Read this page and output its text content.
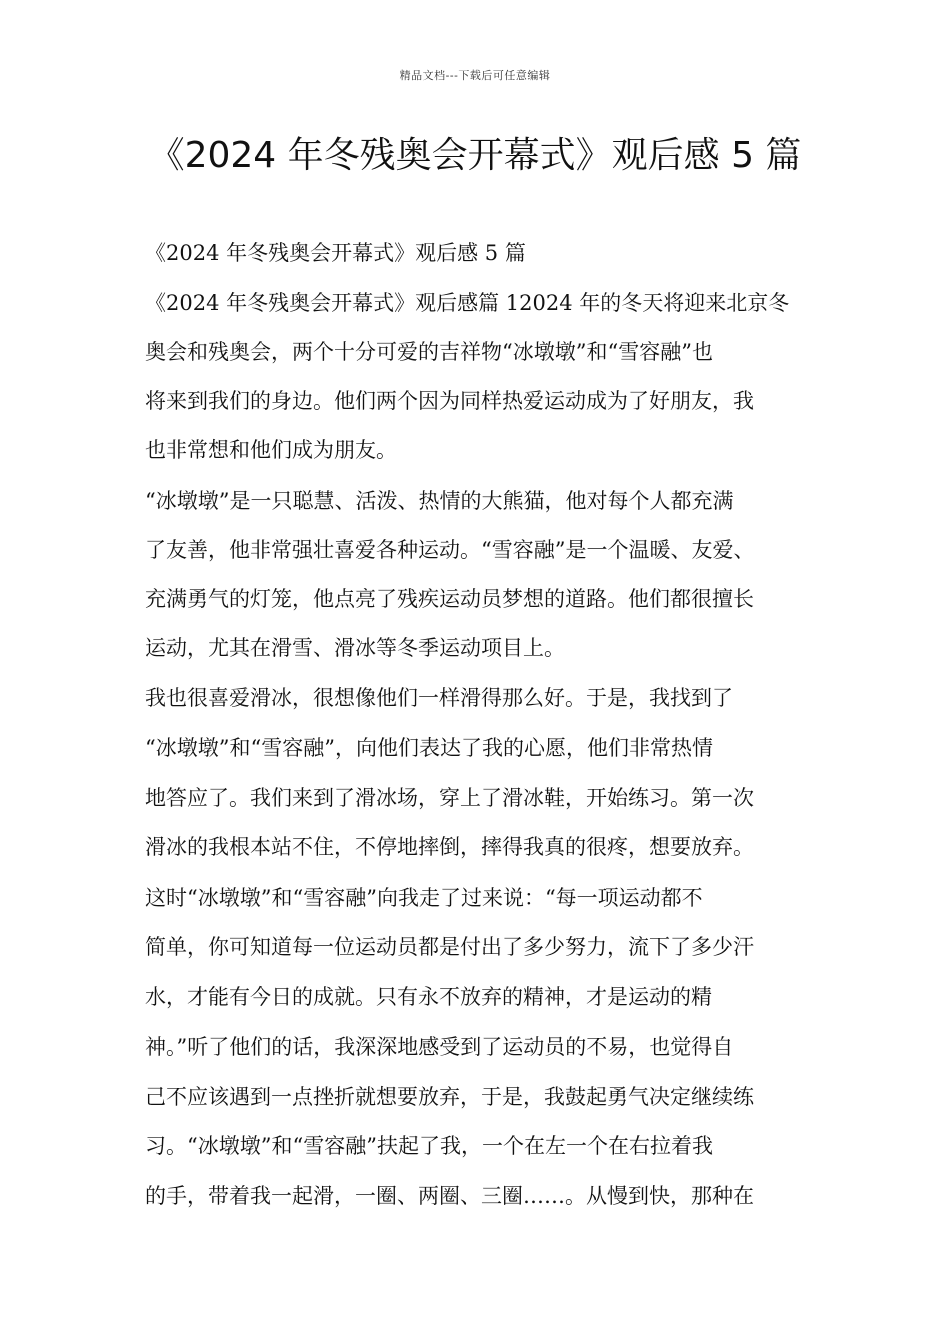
精品文档---下载后可任意编辑
《2024 年冬残奥会开幕式》观后感 5 篇
《2024 年冬残奥会开幕式》观后感 5 篇
《2024 年冬残奥会开幕式》观后感篇 12024 年的冬天将迎来北京冬
奥会和残奥会，两个十分可爱的吉祥物“冰墩墩”和“雪容融”也
将来到我们的身边。他们两个因为同样热爱运动成为了好朋友，我
也非常想和他们成为朋友。
“冰墩墩”是一只聪慧、活泼、热情的大熊猫，他对每个人都充满
了友善，他非常强壮喜爱各种运动。“雪容融”是一个温暖、友爱、
充满勇气的灯笼，他点亮了残疾运动员梦想的道路。他们都很擅长
运动，尤其在滑雪、滑冰等冬季运动项目上。
我也很喜爱滑冰，很想像他们一样滑得那么好。于是，我找到了
“冰墩墩”和“雪容融”，向他们表达了我的心愿，他们非常热情
地答应了。我们来到了滑冰场，穿上了滑冰鞋，开始练习。第一次
滑冰的我根本站不住，不停地摔倒，摔得我真的很疼，想要放弃。
这时“冰墩墩”和“雪容融”向我走了过来说：“每一项运动都不
简单，你可知道每一位运动员都是付出了多少努力，流下了多少汗
水，才能有今日的成就。只有永不放弃的精神，才是运动的精
神。”听了他们的话，我深深地感受到了运动员的不易，也觉得自
己不应该遇到一点挫折就想要放弃，于是，我鼓起勇气决定继续练
习。“冰墩墩”和“雪容融”扶起了我，一个在左一个在右拉着我
的手，带着我一起滑，一圈、两圈、三圈……。从慢到快，那种在
